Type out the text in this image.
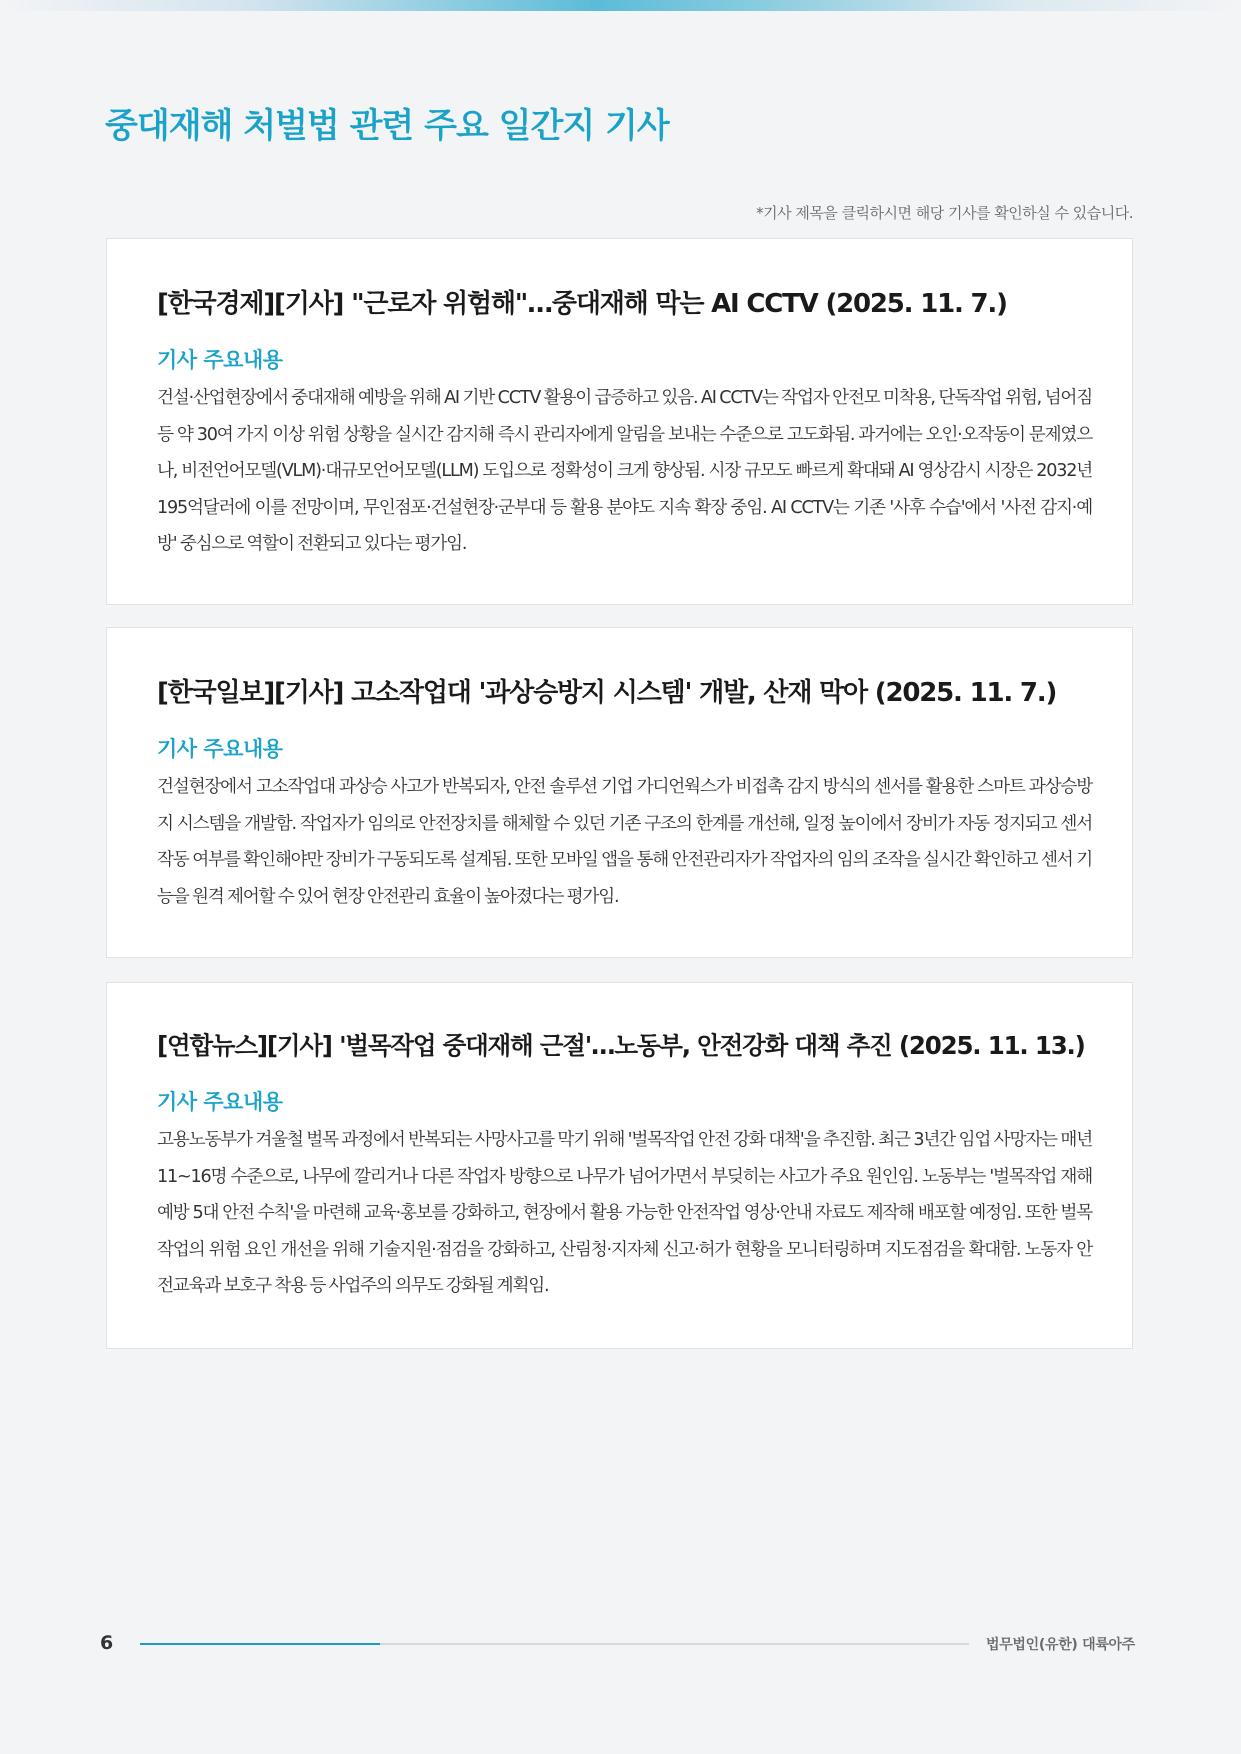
중대재해 처벌법 관련 주요 일간지 기사
*기사 제목을 클릭하시면 해당 기사를 확인하실 수 있습니다.
[한국경제][기사] "근로자 위험해"…중대재해 막는 AI CCTV (2025. 11. 7.)
기사 주요내용
건설·산업현장에서 중대재해 예방을 위해 AI 기반 CCTV 활용이 급증하고 있음. AI CCTV는 작업자 안전모 미착용, 단독작업 위험, 넘어짐 등 약 30여 가지 이상 위험 상황을 실시간 감지해 즉시 관리자에게 알림을 보내는 수준으로 고도화됨. 과거에는 오인·오작동이 문제였으나, 비전언어모델(VLM)·대규모언어모델(LLM) 도입으로 정확성이 크게 향상됨. 시장 규모도 빠르게 확대돼 AI 영상감시 시장은 2032년 195억달러에 이를 전망이며, 무인점포·건설현장·군부대 등 활용 분야도 지속 확장 중임. AI CCTV는 기존 '사후 수습'에서 '사전 감지·예방' 중심으로 역할이 전환되고 있다는 평가임.
[한국일보][기사] 고소작업대 '과상승방지 시스템' 개발, 산재 막아 (2025. 11. 7.)
기사 주요내용
건설현장에서 고소작업대 과상승 사고가 반복되자, 안전 솔루션 기업 가디언웍스가 비접촉 감지 방식의 센서를 활용한 스마트 과상승방지 시스템을 개발함. 작업자가 임의로 안전장치를 해체할 수 있던 기존 구조의 한계를 개선해, 일정 높이에서 장비가 자동 정지되고 센서 작동 여부를 확인해야만 장비가 구동되도록 설계됨. 또한 모바일 앱을 통해 안전관리자가 작업자의 임의 조작을 실시간 확인하고 센서 기능을 원격 제어할 수 있어 현장 안전관리 효율이 높아졌다는 평가임.
[연합뉴스][기사] '벌목작업 중대재해 근절'…노동부, 안전강화 대책 추진 (2025. 11. 13.)
기사 주요내용
고용노동부가 겨울철 벌목 과정에서 반복되는 사망사고를 막기 위해 '벌목작업 안전 강화 대책'을 추진함. 최근 3년간 임업 사망자는 매년 11~16명 수준으로, 나무에 깔리거나 다른 작업자 방향으로 나무가 넘어가면서 부딪히는 사고가 주요 원인임. 노동부는 '벌목작업 재해예방 5대 안전 수칙'을 마련해 교육·홍보를 강화하고, 현장에서 활용 가능한 안전작업 영상·안내 자료도 제작해 배포할 예정임. 또한 벌목작업의 위험 요인 개선을 위해 기술지원·점검을 강화하고, 산림청·지자체 신고·허가 현황을 모니터링하며 지도점검을 확대함. 노동자 안전교육과 보호구 착용 등 사업주의 의무도 강화될 계획임.
6	법무법인(유한) 대륙아주
